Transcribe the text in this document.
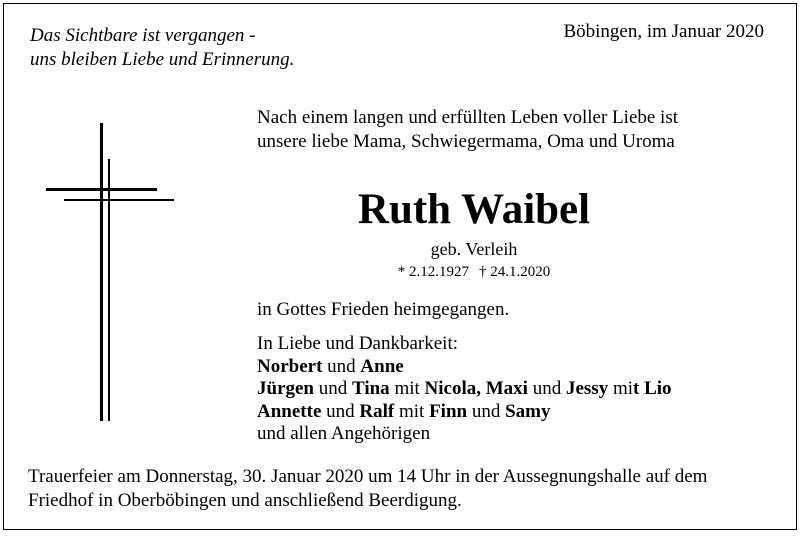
Das Sichtbare ist vergangen -
uns bleiben Liebe und Erinnerung.
Böbingen, im Januar 2020
Nach einem langen und erfüllten Leben voller Liebe ist
unsere liebe Mama, Schwiegermama, Oma und Uroma
Ruth Waibel
geb. Verleih
* 2.12.1927 † 24.1.2020
in Gottes Frieden heimgegangen.
In Liebe und Dankbarkeit:
Norbert und Anne
Jürgen und Tina mit Nicola, Maxi und Jessy mit Lio
Annette und Ralf mit Finn und Samy
und allen Angehörigen
Trauerfeier am Donnerstag, 30. Januar 2020 um 14 Uhr in der Aussegnungshalle auf dem
Friedhof in Oberböbingen und anschließend Beerdigung.
